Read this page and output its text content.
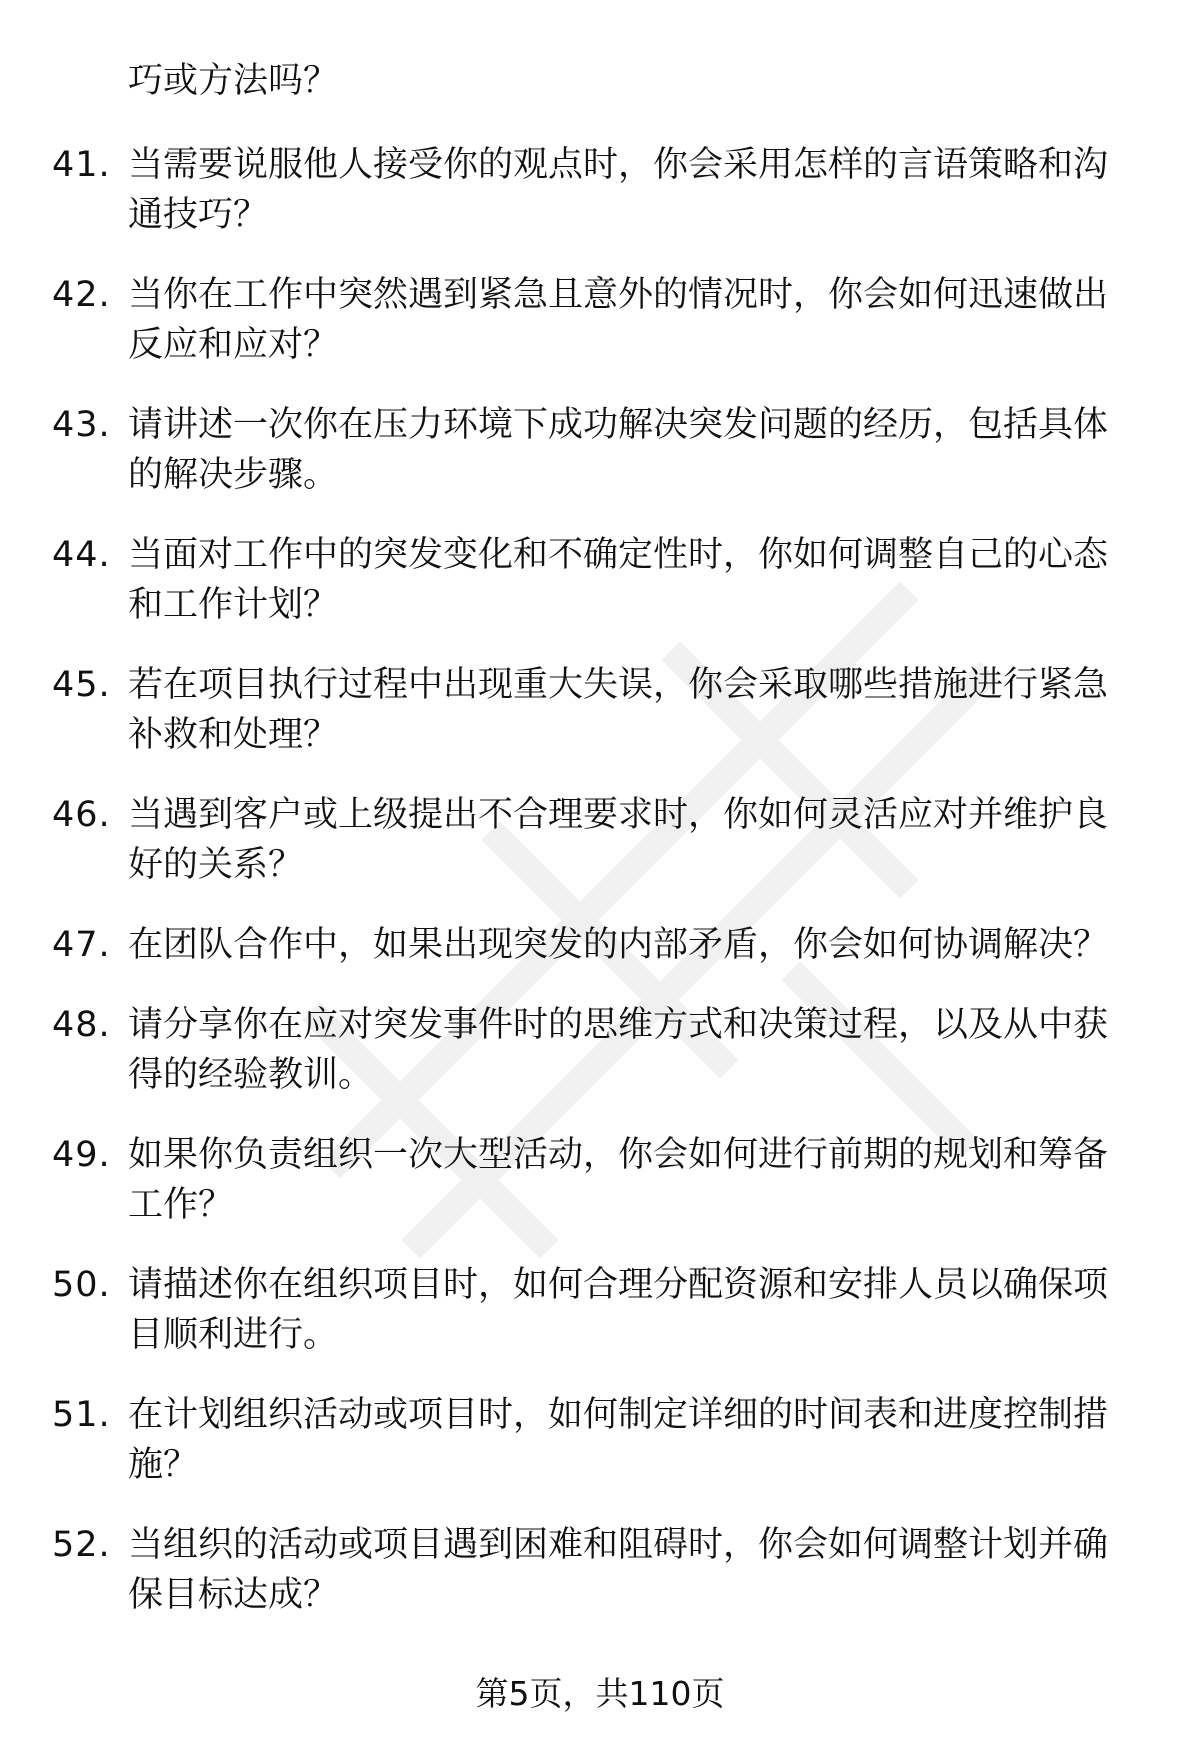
巧或方法吗？
41. 当需要说服他人接受你的观点时，你会采用怎样的言语策略和沟通技巧？
42. 当你在工作中突然遇到紧急且意外的情况时，你会如何迅速做出反应和应对？
43. 请讲述一次你在压力环境下成功解决突发问题的经历，包括具体的解决步骤。
44. 当面对工作中的突发变化和不确定性时，你如何调整自己的心态和工作计划？
45. 若在项目执行过程中出现重大失误，你会采取哪些措施进行紧急补救和处理？
46. 当遇到客户或上级提出不合理要求时，你如何灵活应对并维护良好的关系？
47. 在团队合作中，如果出现突发的内部矛盾，你会如何协调解决？
48. 请分享你在应对突发事件时的思维方式和决策过程，以及从中获得的经验教训。
49. 如果你负责组织一次大型活动，你会如何进行前期的规划和筹备工作？
50. 请描述你在组织项目时，如何合理分配资源和安排人员以确保项目顺利进行。
51. 在计划组织活动或项目时，如何制定详细的时间表和进度控制措施？
52. 当组织的活动或项目遇到困难和阻碍时，你会如何调整计划并确保目标达成？
第5页，共110页
